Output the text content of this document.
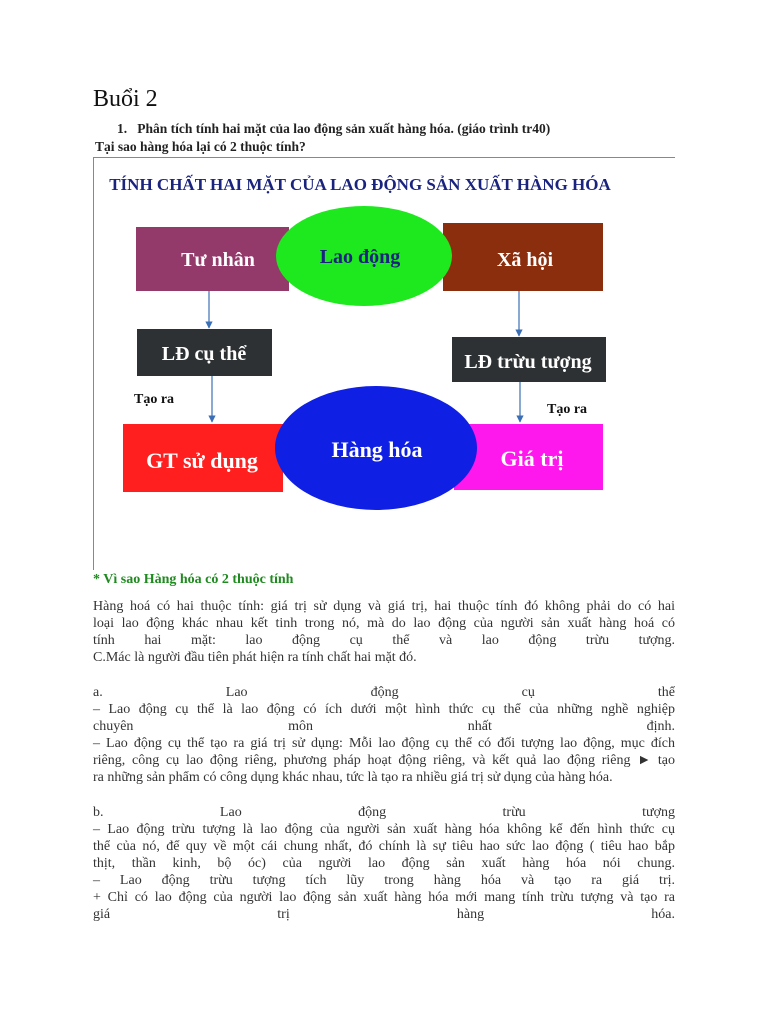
Buổi 2
1. Phân tích tính hai mặt của lao động sản xuất hàng hóa. (giáo trình tr40)
Tại sao hàng hóa lại có 2 thuộc tính?
TÍNH CHẤT HAI MẶT CỦA LAO ĐỘNG SẢN XUẤT HÀNG HÓA
Tư nhân	Xã hội
Lao động
LĐ cụ thể	LĐ trừu tượng
Tạo ra
Tạo ra
GT sử dụng	Giá trị
Hàng hóa
* Vì sao Hàng hóa có 2 thuộc tính

Hàng hoá có hai thuộc tính: giá trị sử dụng và giá trị, hai thuộc tính đó không phải do có hai

loại lao động khác nhau kết tinh trong nó, mà do lao động của người sản xuất hàng hoá có

tính hai mặt: lao động cụ thể và lao động trừu tượng.

C.Mác là người đầu tiên phát hiện ra tính chất hai mặt đó.

a. Lao động cụ thể

– Lao động cụ thể là lao động có ích dưới một hình thức cụ thể của những nghề nghiệp

chuyên môn nhất định.

– Lao động cụ thể tạo ra giá trị sử dụng: Mỗi lao động cụ thể có đối tượng lao động, mục đích

riêng, công cụ lao động riêng, phương pháp hoạt động riêng, và kết quả lao động riêng ► tạo

ra những sản phẩm có công dụng khác nhau, tức là tạo ra nhiều giá trị sử dụng của hàng hóa.

b. Lao động trừu tượng

– Lao động trừu tượng là lao động của người sản xuất hàng hóa không kể đến hình thức cụ

thể của nó, để quy về một cái chung nhất, đó chính là sự tiêu hao sức lao động ( tiêu hao bắp

thịt, thần kinh, bộ óc) của người lao động sản xuất hàng hóa nói chung.

– Lao động trừu tượng tích lũy trong hàng hóa và tạo ra giá trị.

+ Chỉ có lao động của người lao động sản xuất hàng hóa mới mang tính trừu tượng và tạo ra

giá trị hàng hóa.
